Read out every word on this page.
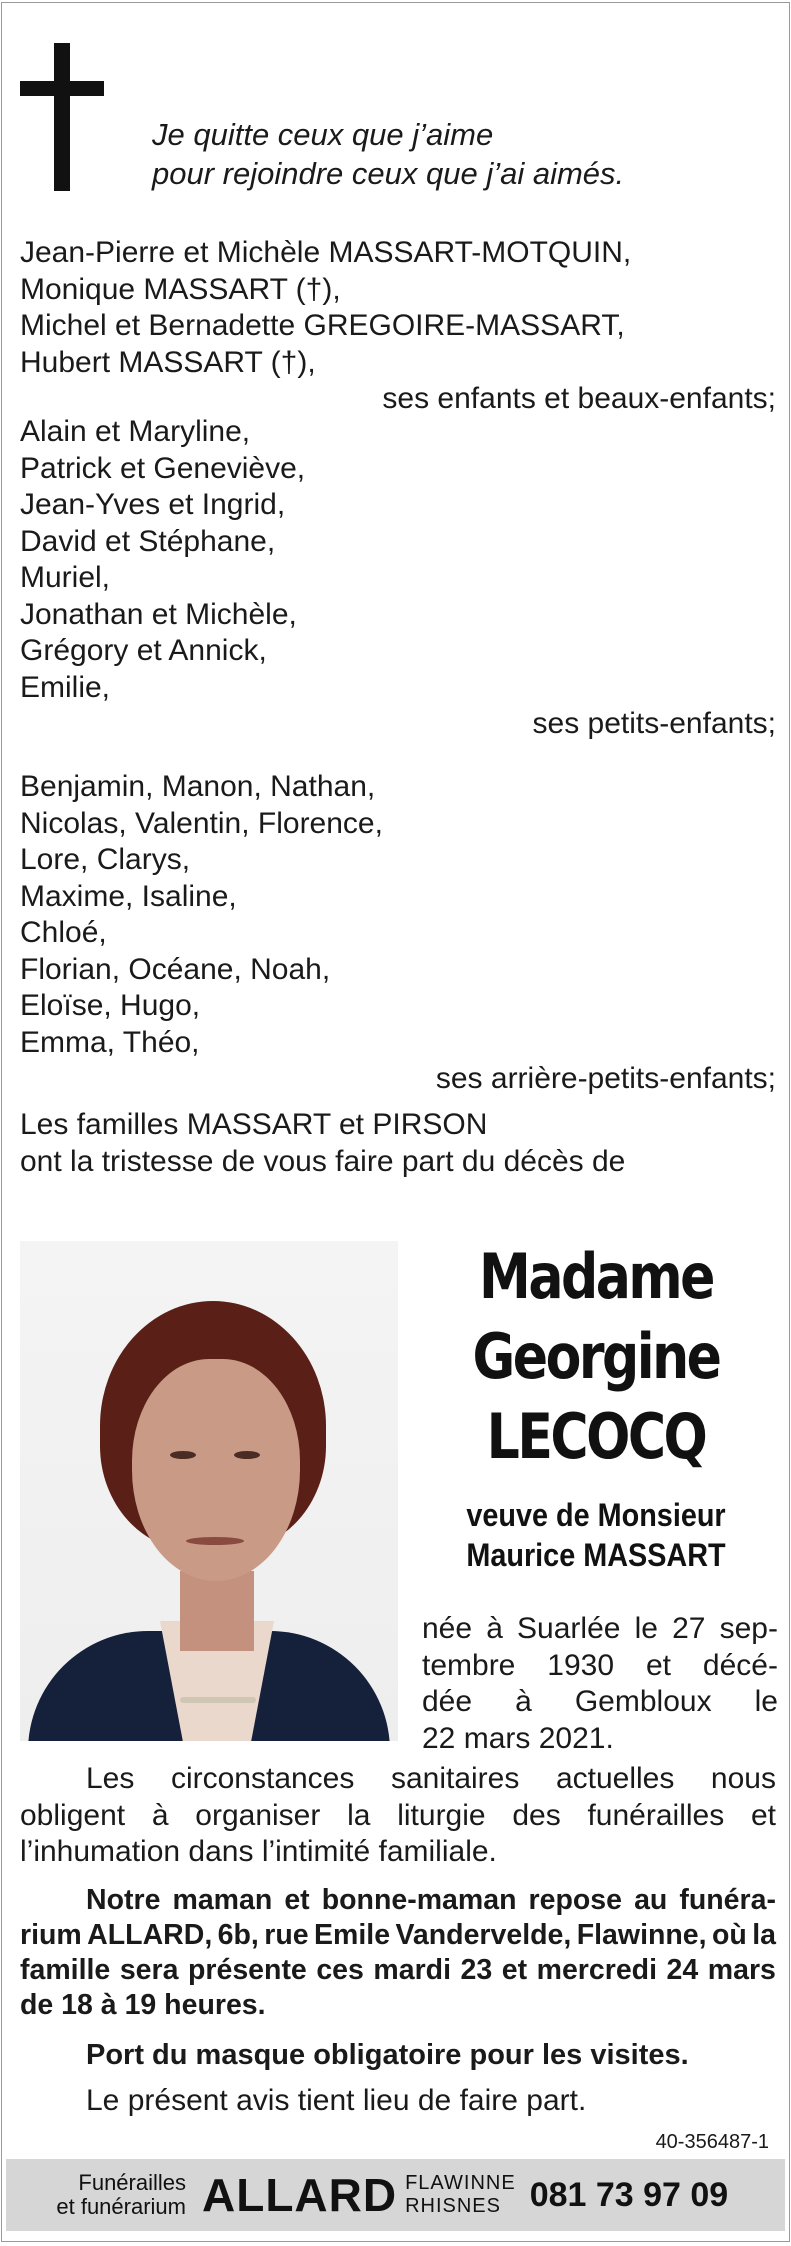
Je quitte ceux que j’aime
pour rejoindre ceux que j’ai aimés.
Jean-Pierre et Michèle MASSART-MOTQUIN,
Monique MASSART (†),
Michel et Bernadette GREGOIRE-MASSART,
Hubert MASSART (†),
ses enfants et beaux-enfants;
Alain et Maryline,
Patrick et Geneviève,
Jean-Yves et Ingrid,
David et Stéphane,
Muriel,
Jonathan et Michèle,
Grégory et Annick,
Emilie,
ses petits-enfants;
Benjamin, Manon, Nathan,
Nicolas, Valentin, Florence,
Lore, Clarys,
Maxime, Isaline,
Chloé,
Florian, Océane, Noah,
Eloïse, Hugo,
Emma, Théo,
ses arrière-petits-enfants;
Les familles MASSART et PIRSON
ont la tristesse de vous faire part du décès de
Madame
Georgine
LECOCQ
veuve de Monsieur
Maurice MASSART
née à Suarlée le 27 sep-
tembre 1930 et décé-
dée à Gembloux le
22 mars 2021.
Les circonstances sanitaires actuelles nous
obligent à organiser la liturgie des funérailles et
l’inhumation dans l’intimité familiale.
Notre maman et bonne-maman repose au funéra-
rium ALLARD, 6b, rue Emile Vandervelde, Flawinne, où la
famille sera présente ces mardi 23 et mercredi 24 mars
de 18 à 19 heures.
Port du masque obligatoire pour les visites.
Le présent avis tient lieu de faire part.
40-356487-1
Funérailles
et funérarium ALLARD FLAWINNE
RHISNES 081 73 97 09
